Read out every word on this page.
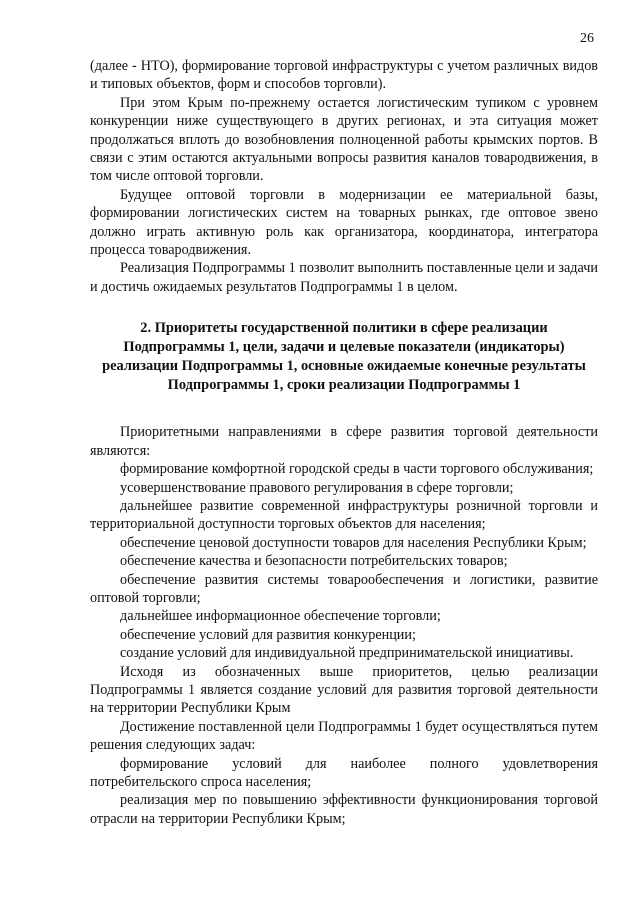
26

(далее - НТО), формирование торговой инфраструктуры с учетом различных видов и типовых объектов, форм и способов торговли).

При этом Крым по-прежнему остается логистическим тупиком с уровнем конкуренции ниже существующего в других регионах, и эта ситуация может продолжаться вплоть до возобновления полноценной работы крымских портов. В связи с этим остаются актуальными вопросы развития каналов товародвижения, в том числе оптовой торговли.

Будущее оптовой торговли в модернизации ее материальной базы, формировании логистических систем на товарных рынках, где оптовое звено должно играть активную роль как организатора, координатора, интегратора процесса товародвижения.

Реализация Подпрограммы 1 позволит выполнить поставленные цели и задачи и достичь ожидаемых результатов Подпрограммы 1 в целом.

2. Приоритеты государственной политики в сфере реализации Подпрограммы 1, цели, задачи и целевые показатели (индикаторы) реализации Подпрограммы 1, основные ожидаемые конечные результаты Подпрограммы 1, сроки реализации Подпрограммы 1

Приоритетными направлениями в сфере развития торговой деятельности являются:

формирование комфортной городской среды в части торгового обслуживания;

усовершенствование правового регулирования в сфере торговли;

дальнейшее развитие современной инфраструктуры розничной торговли и территориальной доступности торговых объектов для населения;

обеспечение ценовой доступности товаров для населения Республики Крым;

обеспечение качества и безопасности потребительских товаров;

обеспечение развития системы товарообеспечения и логистики, развитие оптовой торговли;

дальнейшее информационное обеспечение торговли;

обеспечение условий для развития конкуренции;

создание условий для индивидуальной предпринимательской инициативы.

Исходя из обозначенных выше приоритетов, целью реализации Подпрограммы 1 является создание условий для развития торговой деятельности на территории Республики Крым

Достижение поставленной цели Подпрограммы 1 будет осуществляться путем решения следующих задач:

формирование условий для наиболее полного удовлетворения потребительского спроса населения;

реализация мер по повышению эффективности функционирования торговой отрасли на территории Республики Крым;
